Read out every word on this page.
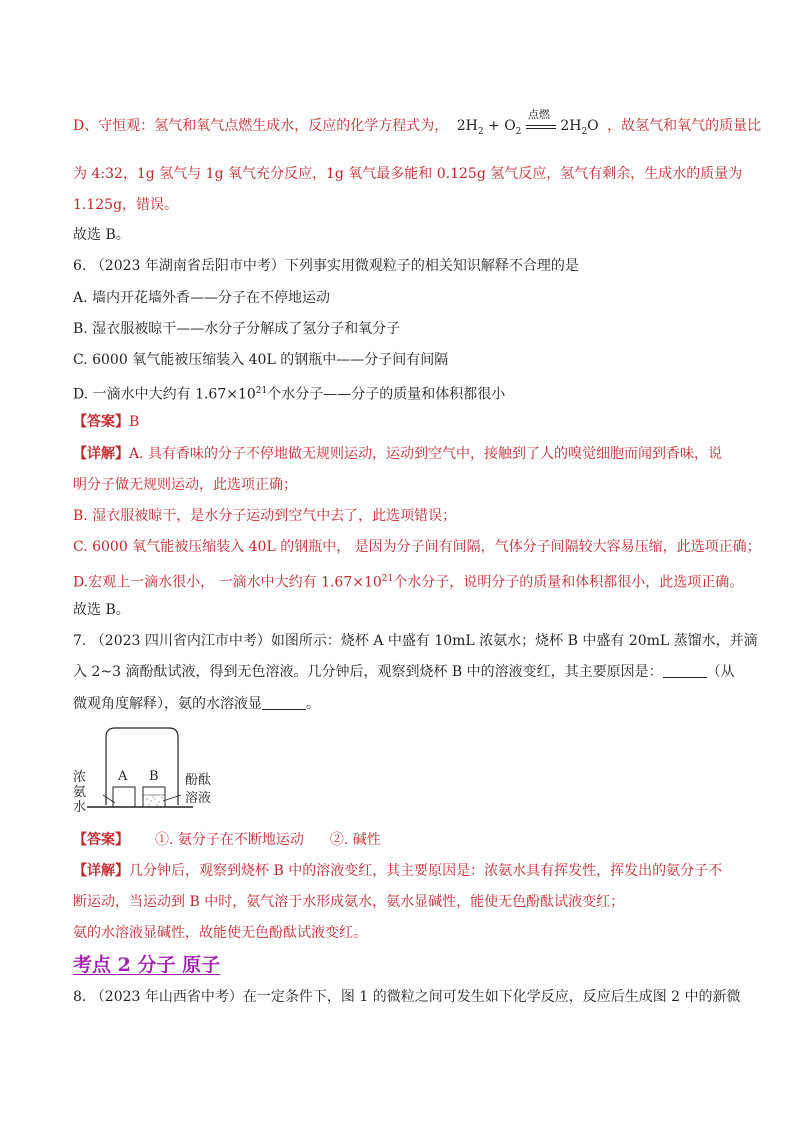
D、守恒观：氢气和氧气点燃生成水，反应的化学方程式为， $2H_2 + O_2$
点燃
$2H_2O$ ，故氢气和氧气的质量比
为 4:32，1g 氢气与 1g 氧气充分反应，1g 氧气最多能和 0.125g 氢气反应，氢气有剩余，生成水的质量为
1.125g，错误。
故选 B。
6. （2023 年湖南省岳阳市中考）下列事实用微观粒子的相关知识解释不合理的是
A. 墙内开花墙外香——分子在不停地运动
B. 湿衣服被晾干——水分子分解成了氢分子和氧分子
C. 6000 氧气能被压缩装入 40L 的钢瓶中——分子间有间隔
D. 一滴水中大约有 $1.67\times 10^{21}$个水分子——分子的质量和体积都很小
【答案】B
【详解】A. 具有香味的分子不停地做无规则运动，运动到空气中，接触到了人的嗅觉细胞而闻到香味，说
明分子做无规则运动，此选项正确；
B. 湿衣服被晾干，是水分子运动到空气中去了，此选项错误；
C. 6000 氧气能被压缩装入 40L 的钢瓶中， 是因为分子间有间隔，气体分子间隔较大容易压缩，此选项正确；
D.宏观上一滴水很小， 一滴水中大约有 $1.67\times 10^{21}$个水分子，说明分子的质量和体积都很小，此选项正确。
故选 B。
7. （2023 四川省内江市中考）如图所示：烧杯 A 中盛有 10mL 浓氨水；烧杯 B 中盛有 20mL 蒸馏水，并滴
入 2~3 滴酚酞试液，得到无色溶液。几分钟后，观察到烧杯 B 中的溶液变红，其主要原因是：	（从
微观角度解释），氨的水溶液显	。
浓
氨
水
A B 酚酞
溶液
【答案】 ①. 氨分子在不断地运动 ②. 碱性
【详解】几分钟后，观察到烧杯 B 中的溶液变红，其主要原因是：浓氨水具有挥发性，挥发出的氨分子不
断运动，当运动到 B 中时，氨气溶于水形成氨水，氨水显碱性，能使无色酚酞试液变红；
氨的水溶液显碱性，故能使无色酚酞试液变红。
考点 2 分子 原子
8. （2023 年山西省中考）在一定条件下，图 1 的微粒之间可发生如下化学反应，反应后生成图 2 中的新微
